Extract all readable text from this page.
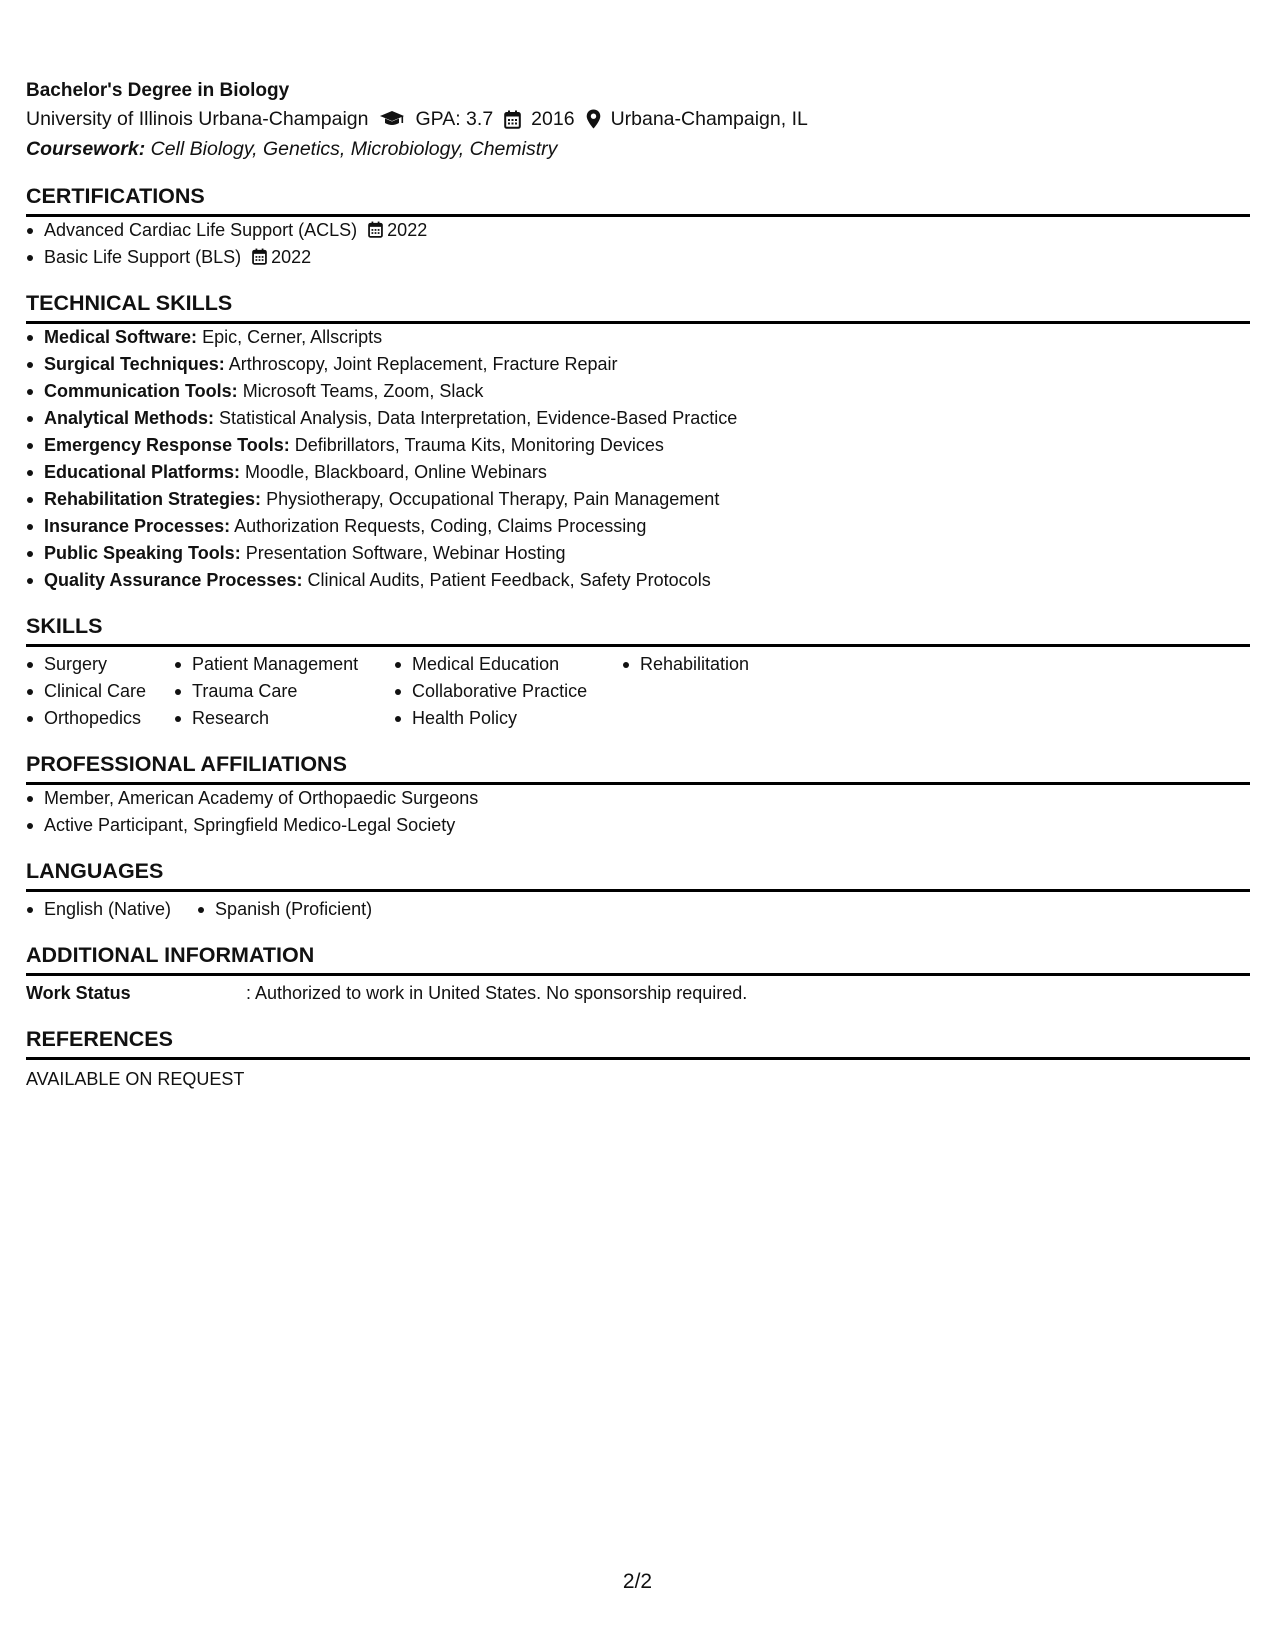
Bachelor's Degree in Biology
University of Illinois Urbana-Champaign GPA: 3.7 2016 Urbana-Champaign, IL
Coursework: Cell Biology, Genetics, Microbiology, Chemistry
CERTIFICATIONS
Advanced Cardiac Life Support (ACLS) 2022
Basic Life Support (BLS) 2022
TECHNICAL SKILLS
Medical Software: Epic, Cerner, Allscripts
Surgical Techniques: Arthroscopy, Joint Replacement, Fracture Repair
Communication Tools: Microsoft Teams, Zoom, Slack
Analytical Methods: Statistical Analysis, Data Interpretation, Evidence-Based Practice
Emergency Response Tools: Defibrillators, Trauma Kits, Monitoring Devices
Educational Platforms: Moodle, Blackboard, Online Webinars
Rehabilitation Strategies: Physiotherapy, Occupational Therapy, Pain Management
Insurance Processes: Authorization Requests, Coding, Claims Processing
Public Speaking Tools: Presentation Software, Webinar Hosting
Quality Assurance Processes: Clinical Audits, Patient Feedback, Safety Protocols
SKILLS
Surgery
Clinical Care
Orthopedics
Patient Management
Trauma Care
Research
Medical Education
Collaborative Practice
Health Policy
Rehabilitation
PROFESSIONAL AFFILIATIONS
Member, American Academy of Orthopaedic Surgeons
Active Participant, Springfield Medico-Legal Society
LANGUAGES
English (Native)	Spanish (Proficient)
ADDITIONAL INFORMATION
Work Status	: Authorized to work in United States. No sponsorship required.
REFERENCES
AVAILABLE ON REQUEST
2/2
